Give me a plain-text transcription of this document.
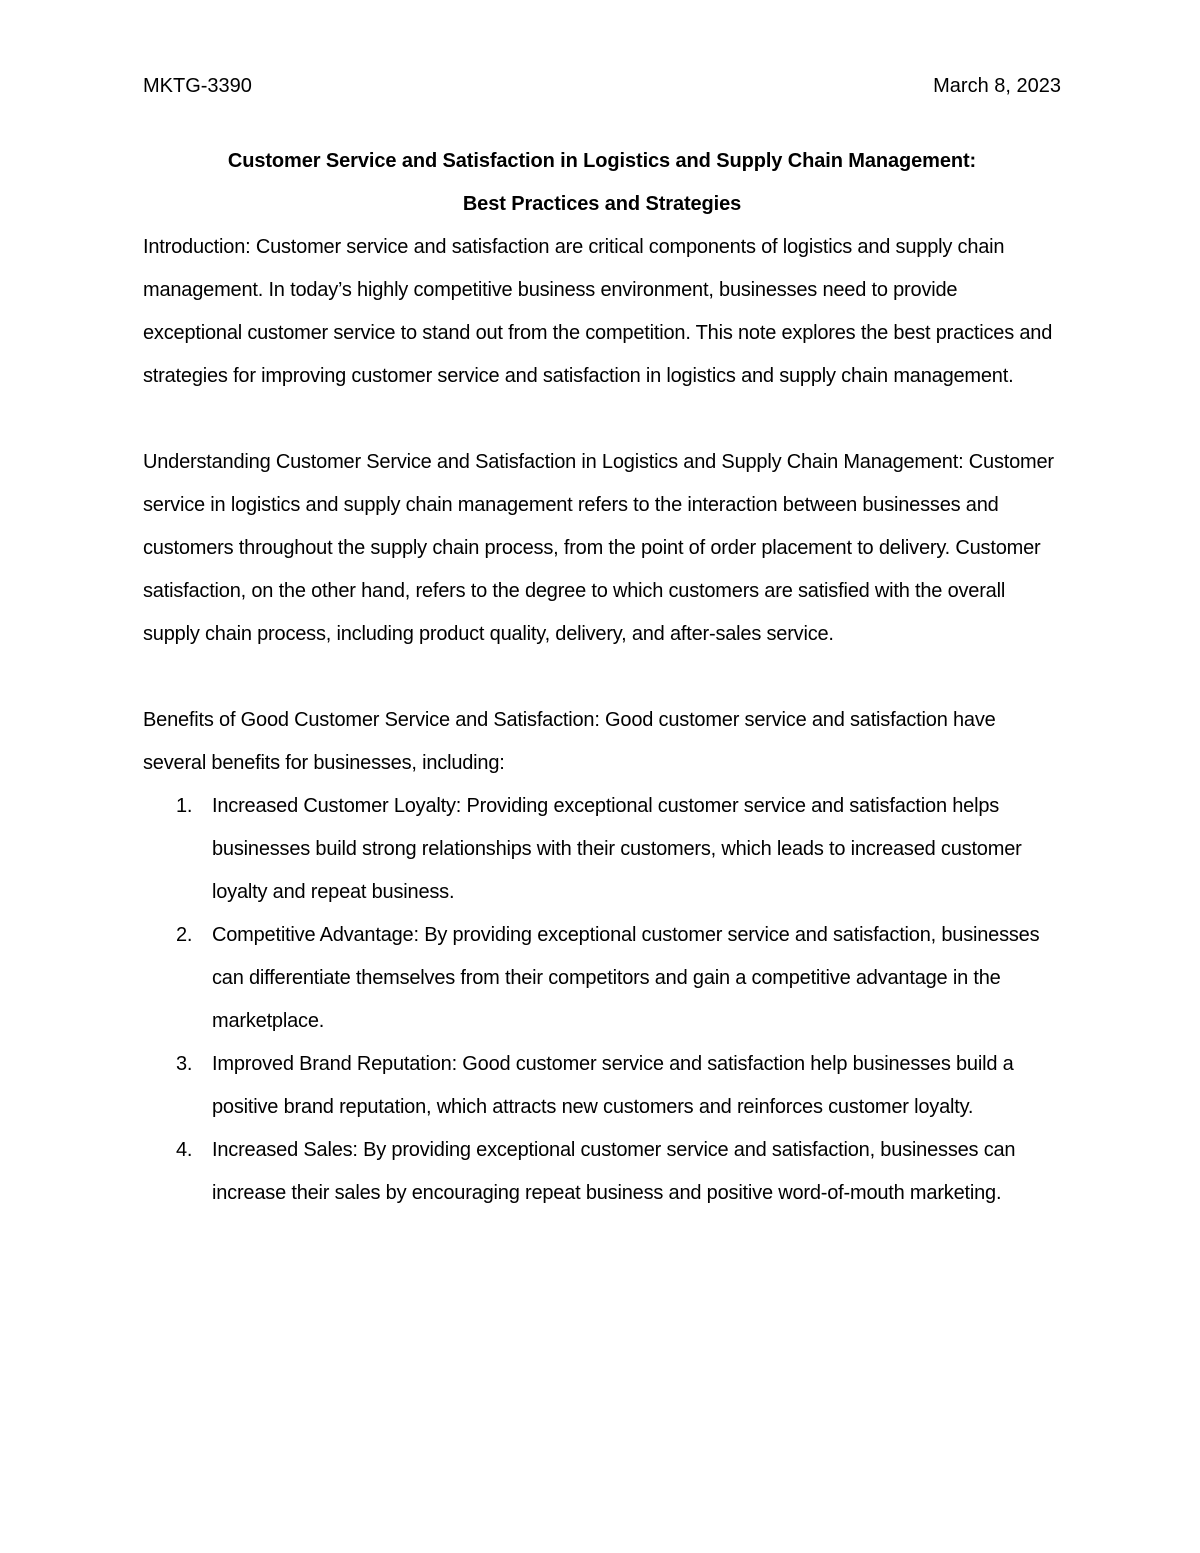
MKTG-3390	March 8, 2023

Customer Service and Satisfaction in Logistics and Supply Chain Management:

Best Practices and Strategies

Introduction: Customer service and satisfaction are critical components of logistics and supply chain management. In today’s highly competitive business environment, businesses need to provide exceptional customer service to stand out from the competition. This note explores the best practices and strategies for improving customer service and satisfaction in logistics and supply chain management.

Understanding Customer Service and Satisfaction in Logistics and Supply Chain Management: Customer service in logistics and supply chain management refers to the interaction between businesses and customers throughout the supply chain process, from the point of order placement to delivery. Customer satisfaction, on the other hand, refers to the degree to which customers are satisfied with the overall supply chain process, including product quality, delivery, and after-sales service.

Benefits of Good Customer Service and Satisfaction: Good customer service and satisfaction have several benefits for businesses, including:

1. Increased Customer Loyalty: Providing exceptional customer service and satisfaction helps businesses build strong relationships with their customers, which leads to increased customer loyalty and repeat business.
2. Competitive Advantage: By providing exceptional customer service and satisfaction, businesses can differentiate themselves from their competitors and gain a competitive advantage in the marketplace.
3. Improved Brand Reputation: Good customer service and satisfaction help businesses build a positive brand reputation, which attracts new customers and reinforces customer loyalty.
4. Increased Sales: By providing exceptional customer service and satisfaction, businesses can increase their sales by encouraging repeat business and positive word-of-mouth marketing.
